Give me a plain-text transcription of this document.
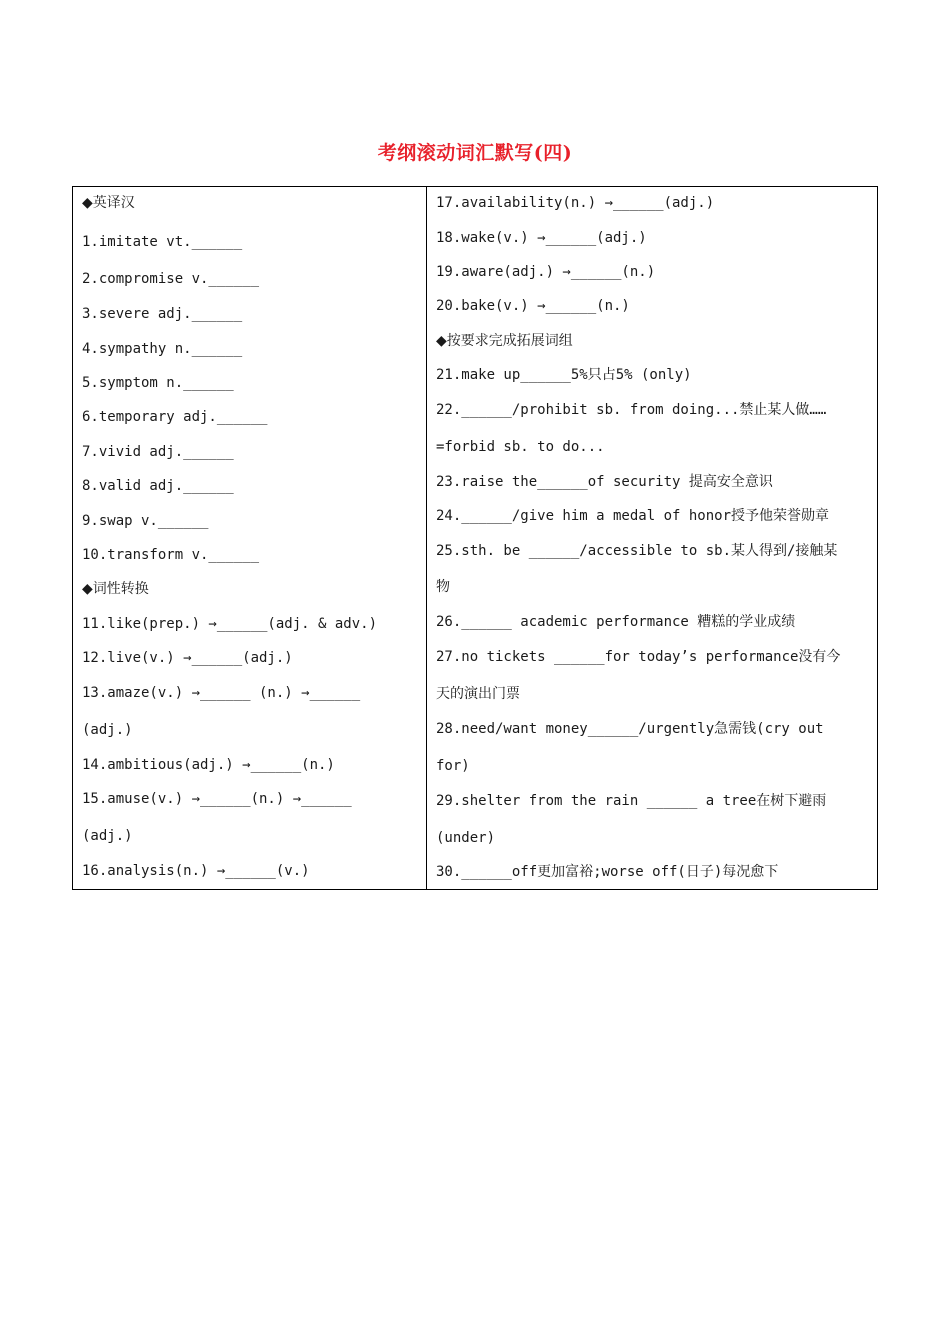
考纲滚动词汇默写(四)
◆英译汉
1.imitate vt.______
2.compromise v.______
3.severe adj.______
4.sympathy n.______
5.symptom n.______
6.temporary adj.______
7.vivid adj.______
8.valid adj.______
9.swap v.______
10.transform v.______
◆词性转换
11.like(prep.) →______(adj. & adv.)
12.live(v.) →______(adj.)
13.amaze(v.) →______ (n.) →______
(adj.)
14.ambitious(adj.) →______(n.)
15.amuse(v.) →______(n.) →______
(adj.)
16.analysis(n.) →______(v.)
17.availability(n.) →______(adj.)
18.wake(v.) →______(adj.)
19.aware(adj.) →______(n.)
20.bake(v.) →______(n.)
◆按要求完成拓展词组
21.make up______5%只占5% (only)
22.______/prohibit sb. from doing...禁止某人做……
=forbid sb. to do...
23.raise the______of security 提高安全意识
24.______/give him a medal of honor授予他荣誉勋章
25.sth. be ______/accessible to sb.某人得到/接触某
物
26.______ academic performance 糟糕的学业成绩
27.no tickets ______for today’s performance没有今
天的演出门票
28.need/want money______/urgently急需钱(cry out
for)
29.shelter from the rain ______ a tree在树下避雨
(under)
30.______off更加富裕;worse off(日子)每况愈下
